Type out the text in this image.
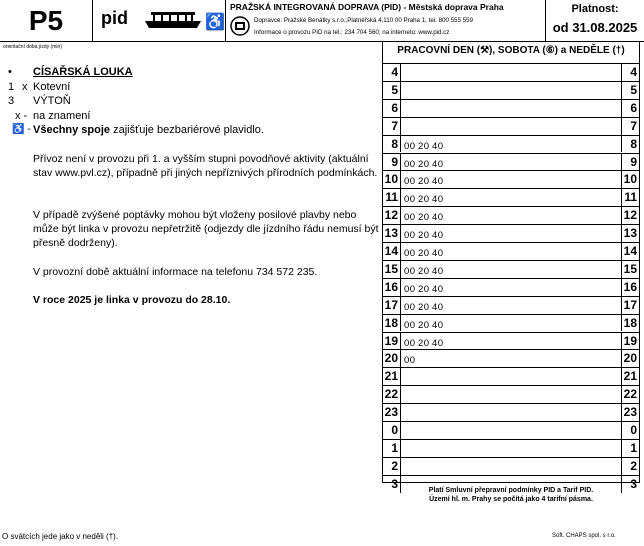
P5	pid	♿
PRAŽSKÁ INTEGROVANÁ DOPRAVA (PID) - Městská doprava Praha
Dopravce: Pražské Benátky s.r.o.,Platnéřská 4,110 00 Praha 1, tel. 800 555 559
Informace o provozu PID na tel.: 234 704 560; na internetu: www.pid.cz
Platnost:
od 31.08.2025
orientační doba jízdy (min)
• CÍSAŘSKÁ LOUKA
1 x Kotevní
3 VÝTOŇ
x - na znamení
♿ - Všechny spoje zajišťuje bezbariérové plavidlo.
Přívoz není v provozu při 1. a vyšším stupni povodňové aktivity (aktuální stav www.pvl.cz), případně při jiných nepříznivých přírodních podmínkách.
V případě zvýšené poptávky mohou být vloženy posilové plavby nebo může být linka v provozu nepřetržitě (odjezdy dle jízdního řádu nemusí být přesně dodrženy).
V provozní době aktuální informace na telefonu 734 572 235.
V roce 2025 je linka v provozu do 28.10.
PRACOVNÍ DEN (⚒), SOBOTA (⑥) a NEDĚLE (†)
4	4
5	5
6	6
7	7
8 00 20 40	8
9 00 20 40	9
10 00 20 40	10
11 00 20 40	11
12 00 20 40	12
13 00 20 40	13
14 00 20 40	14
15 00 20 40	15
16 00 20 40	16
17 00 20 40	17
18 00 20 40	18
19 00 20 40	19
20 00	20
21	21
22	22
23	23
0	0
1	1
2	2
3	3
Platí Smluvní přepravní podmínky PID a Tarif PID.
Území hl. m. Prahy se počítá jako 4 tarifní pásma.
O svátcích jede jako v neděli (†).	Soft. CHAPS spol. s r.o.
